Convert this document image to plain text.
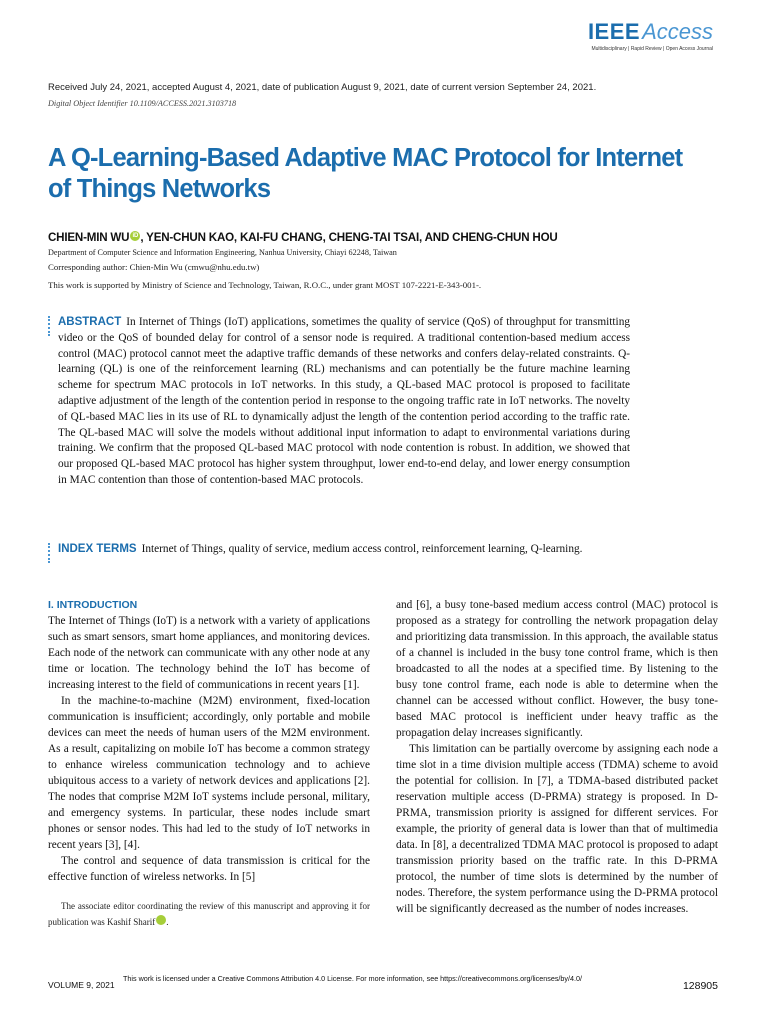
IEEEAccess
Multidisciplinary | Rapid Review | Open Access Journal
Received July 24, 2021, accepted August 4, 2021, date of publication August 9, 2021, date of current version September 24, 2021.
Digital Object Identifier 10.1109/ACCESS.2021.3103718
A Q-Learning-Based Adaptive MAC Protocol for Internet of Things Networks
CHIEN-MIN WU iD , YEN-CHUN KAO, KAI-FU CHANG, CHENG-TAI TSAI, AND CHENG-CHUN HOU
Department of Computer Science and Information Engineering, Nanhua University, Chiayi 62248, Taiwan
Corresponding author: Chien-Min Wu (cmwu@nhu.edu.tw)
This work is supported by Ministry of Science and Technology, Taiwan, R.O.C., under grant MOST 107-2221-E-343-001-.
ABSTRACT In Internet of Things (IoT) applications, sometimes the quality of service (QoS) of throughput for transmitting video or the QoS of bounded delay for control of a sensor node is required. A traditional contention-based medium access control (MAC) protocol cannot meet the adaptive traffic demands of these networks and confers delay-related constraints. Q-learning (QL) is one of the reinforcement learning (RL) mechanisms and can potentially be the future machine learning scheme for spectrum MAC protocols in IoT networks. In this study, a QL-based MAC protocol is proposed to facilitate adaptive adjustment of the length of the contention period in response to the ongoing traffic rate in IoT networks. The novelty of QL-based MAC lies in its use of RL to dynamically adjust the length of the contention period according to the traffic rate. The QL-based MAC will solve the models without additional input information to adapt to environmental variations during training. We confirm that the proposed QL-based MAC protocol with node contention is robust. In addition, we showed that our proposed QL-based MAC protocol has higher system throughput, lower end-to-end delay, and lower energy consumption in MAC contention than those of contention-based MAC protocols.
INDEX TERMS Internet of Things, quality of service, medium access control, reinforcement learning, Q-learning.
I. INTRODUCTION

The Internet of Things (IoT) is a network with a variety of applications such as smart sensors, smart home appliances, and monitoring devices. Each node of the network can communicate with any other node at any time or location. The technology behind the IoT has become of increasing interest to the field of communications in recent years [1].

In the machine-to-machine (M2M) environment, fixed-location communication is insufficient; accordingly, only portable and mobile devices can meet the needs of human users of the M2M environment. As a result, capitalizing on mobile IoT has become a common strategy to enhance wireless communication technology and to achieve ubiquitous access to a variety of network devices and applications [2]. The nodes that comprise M2M IoT systems include personal, military, and emergency systems. In particular, these nodes include smart phones or sensor nodes. This had led to the study of IoT networks in recent years [3], [4].

The control and sequence of data transmission is critical for the effective function of wireless networks. In [5]

The associate editor coordinating the review of this manuscript and approving it for publication was Kashif Sharif iD.

and [6], a busy tone-based medium access control (MAC) protocol is proposed as a strategy for controlling the network propagation delay and prioritizing data transmission. In this approach, the available status of a channel is included in the busy tone control frame, which is then broadcasted to all the nodes at a specified time. By listening to the busy tone control frame, each node is able to determine when the channel can be accessed without conflict. However, the busy tone-based MAC protocol is inefficient under heavy traffic as the propagation delay increases significantly.

This limitation can be partially overcome by assigning each node a time slot in a time division multiple access (TDMA) scheme to avoid the potential for collision. In [7], a TDMA-based distributed packet reservation multiple access (D-PRMA) strategy is proposed. In D-PRMA, transmission priority is assigned for different services. For example, the priority of general data is lower than that of multimedia data. In [8], a decentralized TDMA MAC protocol is proposed to adapt transmission priority based on the traffic rate. In this D-PRMA protocol, the number of time slots is determined by the number of nodes. Therefore, the system performance using the D-PRMA protocol will be significantly decreased as the number of nodes increases.

VOLUME 9, 2021
This work is licensed under a Creative Commons Attribution 4.0 License. For more information, see https://creativecommons.org/licenses/by/4.0/
128905
